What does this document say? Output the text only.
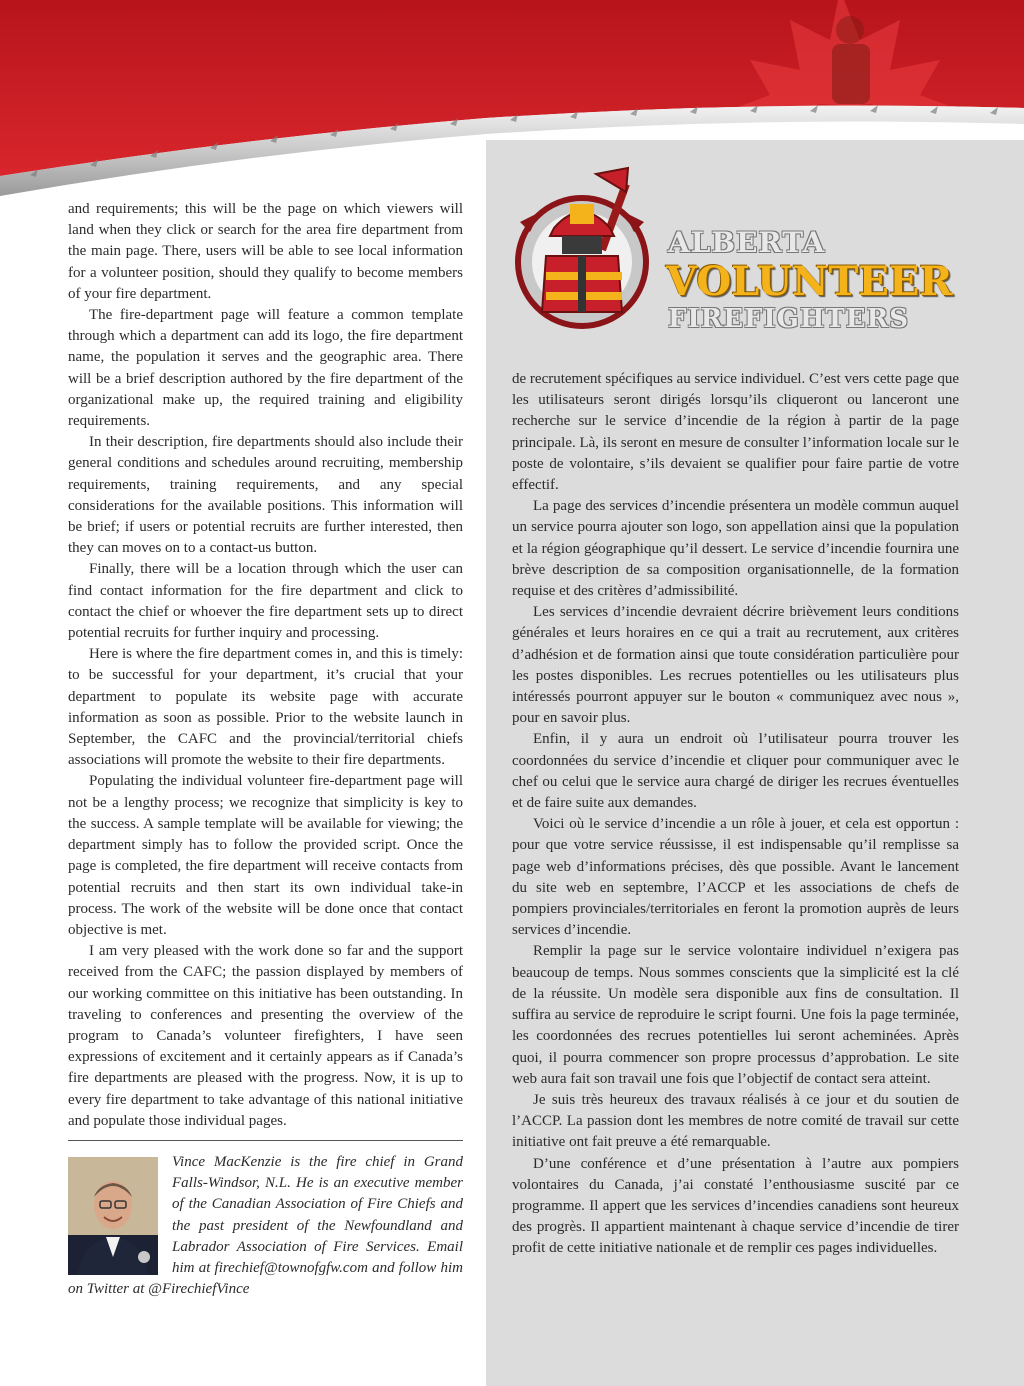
ALBERTA
VOLUNTEER
FIREFIGHTERS

and requirements; this will be the page on which viewers will land when they click or search for the area fire department from the main page. There, users will be able to see local information for a volunteer position, should they qualify to become members of your fire department.

The fire-department page will feature a common template through which a department can add its logo, the fire department name, the population it serves and the geographic area. There will be a brief description authored by the fire department of the organizational make up, the required training and eligibility requirements.

In their description, fire departments should also include their general conditions and schedules around recruiting, membership requirements, training requirements, and any special considerations for the available positions. This information will be brief; if users or potential recruits are further interested, then they can moves on to a contact-us button.

Finally, there will be a location through which the user can find contact information for the fire department and click to contact the chief or whoever the fire department sets up to direct potential recruits for further inquiry and processing.

Here is where the fire department comes in, and this is timely: to be successful for your department, it’s crucial that your department to populate its website page with accurate information as soon as possible. Prior to the website launch in September, the CAFC and the provincial/territorial chiefs associations will promote the website to their fire departments.

Populating the individual volunteer fire-department page will not be a lengthy process; we recognize that simplicity is key to the success. A sample template will be available for viewing; the department simply has to follow the provided script. Once the page is completed, the fire department will receive contacts from potential recruits and then start its own individual take-in process. The work of the website will be done once that contact objective is met.

I am very pleased with the work done so far and the support received from the CAFC; the passion displayed by members of our working committee on this initiative has been outstanding. In traveling to conferences and presenting the overview of the program to Canada’s volunteer firefighters, I have seen expressions of excitement and it certainly appears as if Canada’s fire departments are pleased with the progress. Now, it is up to every fire department to take advantage of this national initiative and populate those individual pages.

Vince MacKenzie is the fire chief in Grand Falls-Windsor, N.L. He is an executive member of the Canadian Association of Fire Chiefs and the past president of the Newfoundland and Labrador Association of Fire Services. Email him at firechief@townofgfw.com and follow him on Twitter at @FirechiefVince

de recrutement spécifiques au service individuel. C’est vers cette page que les utilisateurs seront dirigés lorsqu’ils cliqueront ou lanceront une recherche sur le service d’incendie de la région à partir de la page principale. Là, ils seront en mesure de consulter l’information locale sur le poste de volontaire, s’ils devaient se qualifier pour faire partie de votre effectif.

La page des services d’incendie présentera un modèle commun auquel un service pourra ajouter son logo, son appellation ainsi que la population et la région géographique qu’il dessert. Le service d’incendie fournira une brève description de sa composition organisationnelle, de la formation requise et des critères d’admissibilité.

Les services d’incendie devraient décrire brièvement leurs conditions générales et leurs horaires en ce qui a trait au recrutement, aux critères d’adhésion et de formation ainsi que toute considération particulière pour les postes disponibles. Les recrues potentielles ou les utilisateurs plus intéressés pourront appuyer sur le bouton « communiquez avec nous », pour en savoir plus.

Enfin, il y aura un endroit où l’utilisateur pourra trouver les coordonnées du service d’incendie et cliquer pour communiquer avec le chef ou celui que le service aura chargé de diriger les recrues éventuelles et de faire suite aux demandes.

Voici où le service d’incendie a un rôle à jouer, et cela est opportun : pour que votre service réussisse, il est indispensable qu’il remplisse sa page web d’informations précises, dès que possible. Avant le lancement du site web en septembre, l’ACCP et les associations de chefs de pompiers provinciales/territoriales en feront la promotion auprès de leurs services d’incendie.

Remplir la page sur le service volontaire individuel n’exigera pas beaucoup de temps. Nous sommes conscients que la simplicité est la clé de la réussite. Un modèle sera disponible aux fins de consultation. Il suffira au service de reproduire le script fourni. Une fois la page terminée, les coordonnées des recrues potentielles lui seront acheminées. Après quoi, il pourra commencer son propre processus d’approbation. Le site web aura fait son travail une fois que l’objectif de contact sera atteint.

Je suis très heureux des travaux réalisés à ce jour et du soutien de l’ACCP. La passion dont les membres de notre comité de travail sur cette initiative ont fait preuve a été remarquable.

D’une conférence et d’une présentation à l’autre aux pompiers volontaires du Canada, j’ai constaté l’enthousiasme suscité par ce programme. Il appert que les services d’incendies canadiens sont heureux des progrès. Il appartient maintenant à chaque service d’incendie de tirer profit de cette initiative nationale et de remplir ces pages individuelles.
